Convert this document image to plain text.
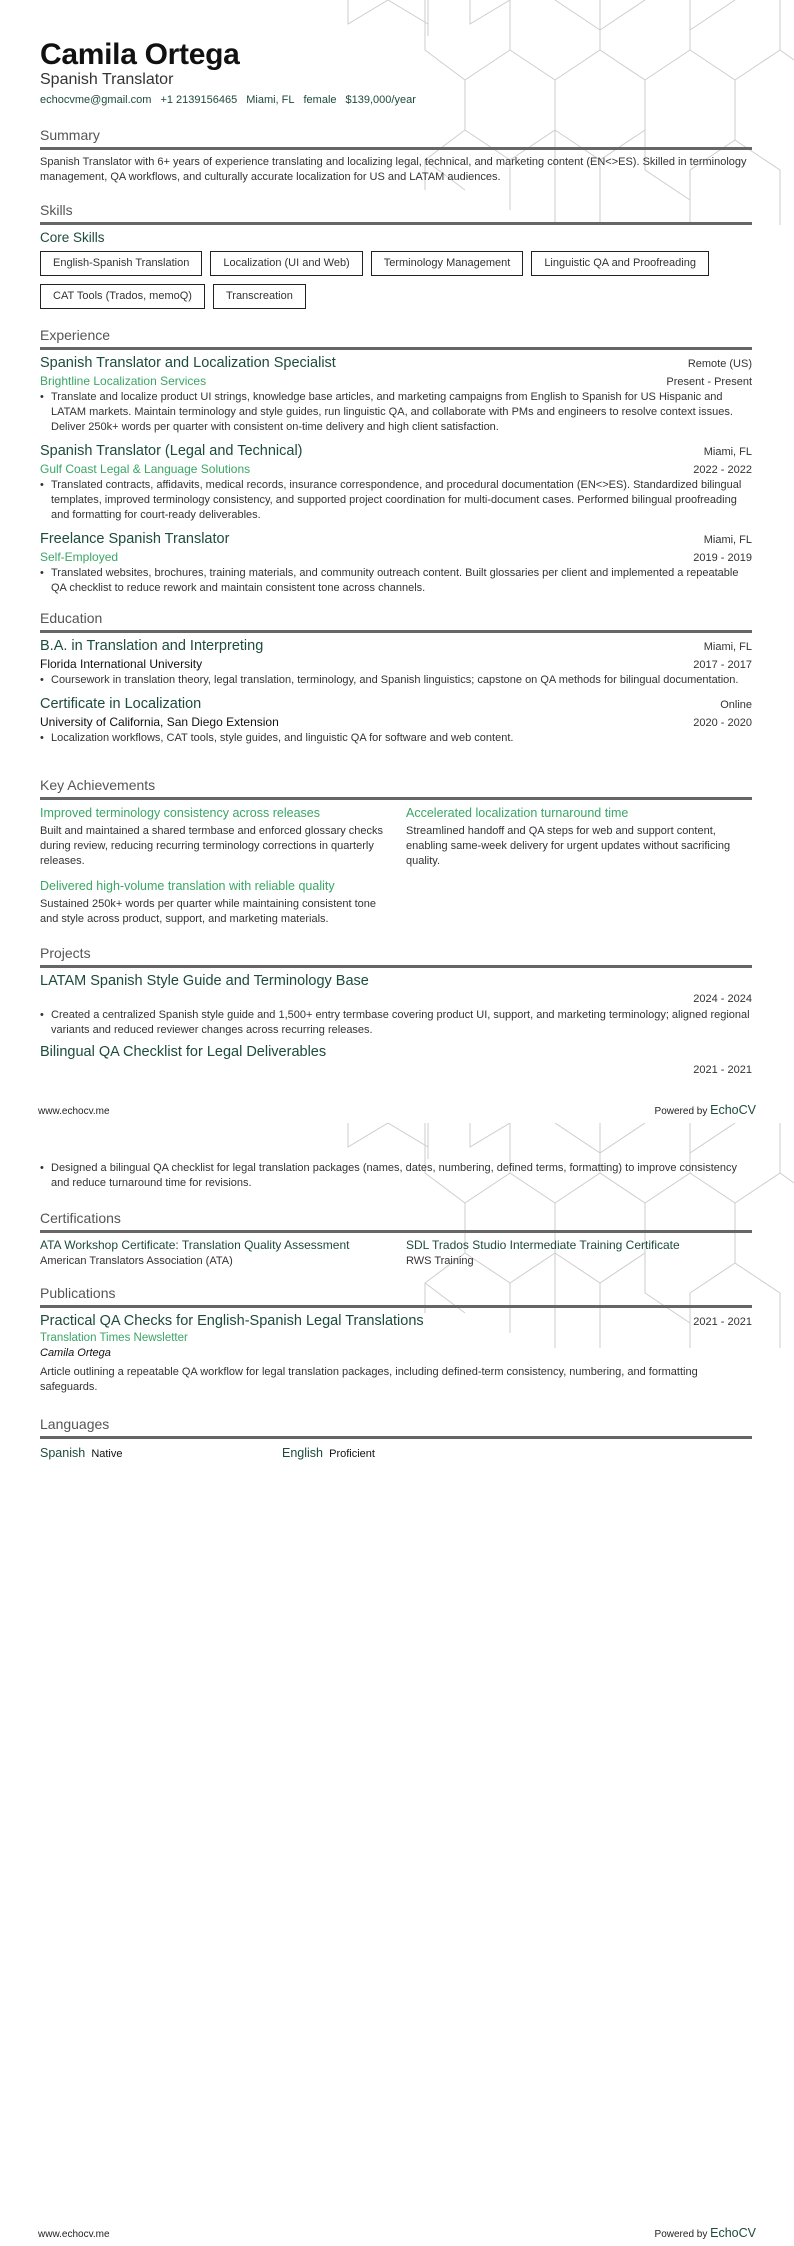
Camila Ortega
Spanish Translator
echocvme@gmail.com +1 2139156465 Miami, FL female $139,000/year
Summary
Spanish Translator with 6+ years of experience translating and localizing legal, technical, and marketing content (EN<>ES). Skilled in terminology management, QA workflows, and culturally accurate localization for US and LATAM audiences.
Skills
Core Skills
English-Spanish Translation	Localization (UI and Web)	Terminology Management	Linguistic QA and Proofreading
CAT Tools (Trados, memoQ)	Transcreation
Experience
Spanish Translator and Localization Specialist	Remote (US)
Brightline Localization Services	Present - Present
• Translate and localize product UI strings, knowledge base articles, and marketing campaigns from English to Spanish for US Hispanic and LATAM markets. Maintain terminology and style guides, run linguistic QA, and collaborate with PMs and engineers to resolve context issues. Deliver 250k+ words per quarter with consistent on-time delivery and high client satisfaction.
Spanish Translator (Legal and Technical)	Miami, FL
Gulf Coast Legal & Language Solutions	2022 - 2022
• Translated contracts, affidavits, medical records, insurance correspondence, and procedural documentation (EN<>ES). Standardized bilingual templates, improved terminology consistency, and supported project coordination for multi-document cases. Performed bilingual proofreading and formatting for court-ready deliverables.
Freelance Spanish Translator	Miami, FL
Self-Employed	2019 - 2019
• Translated websites, brochures, training materials, and community outreach content. Built glossaries per client and implemented a repeatable QA checklist to reduce rework and maintain consistent tone across channels.
Education
B.A. in Translation and Interpreting	Miami, FL
Florida International University	2017 - 2017
• Coursework in translation theory, legal translation, terminology, and Spanish linguistics; capstone on QA methods for bilingual documentation.
Certificate in Localization	Online
University of California, San Diego Extension	2020 - 2020
• Localization workflows, CAT tools, style guides, and linguistic QA for software and web content.
Key Achievements
Improved terminology consistency across releases
Built and maintained a shared termbase and enforced glossary checks during review, reducing recurring terminology corrections in quarterly releases.
Accelerated localization turnaround time
Streamlined handoff and QA steps for web and support content, enabling same-week delivery for urgent updates without sacrificing quality.
Delivered high-volume translation with reliable quality
Sustained 250k+ words per quarter while maintaining consistent tone and style across product, support, and marketing materials.
Projects
LATAM Spanish Style Guide and Terminology Base
2024 - 2024
• Created a centralized Spanish style guide and 1,500+ entry termbase covering product UI, support, and marketing terminology; aligned regional variants and reduced reviewer changes across recurring releases.
Bilingual QA Checklist for Legal Deliverables
2021 - 2021
www.echocv.me	Powered by EchoCV
• Designed a bilingual QA checklist for legal translation packages (names, dates, numbering, defined terms, formatting) to improve consistency and reduce turnaround time for revisions.
Certifications
ATA Workshop Certificate: Translation Quality Assessment
American Translators Association (ATA)
SDL Trados Studio Intermediate Training Certificate
RWS Training
Publications
Practical QA Checks for English-Spanish Legal Translations	2021 - 2021
Translation Times Newsletter
Camila Ortega
Article outlining a repeatable QA workflow for legal translation packages, including defined-term consistency, numbering, and formatting safeguards.
Languages
Spanish Native	English Proficient
www.echocv.me	Powered by EchoCV
